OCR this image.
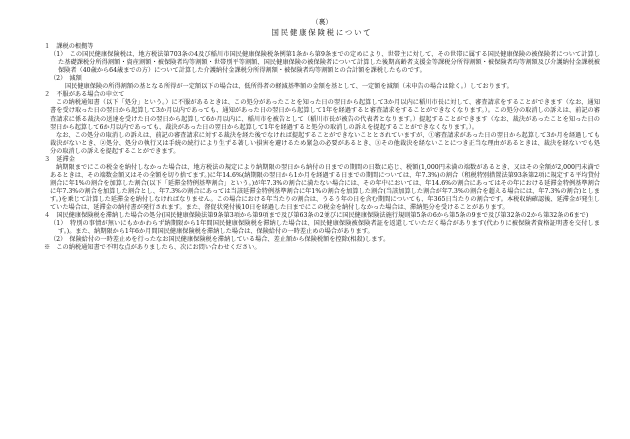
（裏）
国民健康保険税について

１　課税の根拠等

（1）　この国民健康保険税は、地方税法第703条の4及び稲川市国民健康保険税条例第1条から第9条までの定めにより、世帯主に対して、その世帯に属する国民健康保険の被保険者について計算した基礎課税分所得割額・資産割額・被保険者均等割額・世帯別平等割額、国民健康保険の被保険者について計算した後期高齢者支援金等課税分所得割額・被保険者均等割額及び介護納付金課税被保険者（40歳から64歳までの方）について計算した介護納付金課税分所得割額・被保険者均等割額との合計額を課税したものです。

（2）　減額

国民健康保険の所得割額の基となる所得が一定額以下の場合は、低所得者の軽減基準額の金額を基として、一定額を減額（未申告の場合は除く。）しております。

２　不服がある場合の申立て

この納税通知書（以下「処分」という。）に不服があるときは、この処分があったことを知った日の翌日から起算して3か月以内に稲川市長に対して、審査請求をすることができます（なお、通知書を受け取った日の翌日から起算して3か月以内であっても、通知があった日の翌日から起算して1年を経過すると審査請求をすることができなくなります。）。この処分の取消しの訴えは、前記の審査請求に係る裁決の送達を受けた日の翌日から起算して6か月以内に、稲川市を被告として（稲川市長が被告の代表者となります。）提起することができます（なお、裁決があったことを知った日の翌日から起算して6か月以内であっても、裁決があった日の翌日から起算して1年を経過すると処分の取消しの訴えを提起することができなくなります。）。

なお、この処分の取消しの訴えは、前記の審査請求に対する裁決を経た後でなければ提起することができないこととされていますが、①審査請求があった日の翌日から起算して3か月を経過しても裁決がないとき、②処分、処分の執行又は手続の続行により生ずる著しい損害を避けるため緊急の必要があるとき、③その他裁決を経ないことにつき正当な理由があるときは、裁決を経ないでも処分の取消しの訴えを提起することができます。

３　延滞金

納期限までにこの税金を納付しなかった場合は、地方税法の規定により納期限の翌日から納付の日までの期間の日数に応じ、税額(1,000円未満の端数があるとき、又はその全額が2,000円未満であるときは、その端数金額又はその全額を切り捨てます。)に年14.6%(納期限の翌日から1か月を経過する日までの期間については、年7.3%)の割合（租税特別措置法第93条第2項に規定する平均貸付割合に年1%の割合を加算した割合(以下「延滞金特例基準割合」という。)が年7.3%の割合に満たない場合には、その年中においては、年14.6%の割合にあってはその年における延滞金特例基準割合に年7.3%の割合を加算した割合とし、年7.3%の割合にあっては当該延滞金特例基準割合に年1%の割合を加算した割合(当該加算した割合が年7.3%の割合を超える場合には、年7.3%の割合)とします。)を乗じて計算した延滞金を納付しなければなりません。この場合における年当たりの割合は、うるう年の日を含む期間についても、年365日当たりの割合です。本税収納確認後、延滞金が発生していた場合は、延滞金の納付書が発行されます。また、督促状発付後10日を経過した日までにこの税金を納付しなかった場合は、滞納処分を受けることがあります。

４　国民健康保険税を滞納した場合の処分(国民健康保険法第9条第3項から第9項まで及び第63条の2並びに国民健康保険法施行規則第5条の6から第5条の9まで及び第32条の2から第32条の6まで)

（1）　特別の事情が無いにもかかわらず納期限から1年間国民健康保険税を滞納した場合は、国民健康保険被保険者証を返還していただく場合があります(代わりに被保険者資格証明書を交付します。)。また、納期限から1年6か月間国民健康保険税を滞納した場合は、保険給付の一時差止めの場合があります。

（2）　保険給付の一時差止めを行ったなお国民健康保険税を滞納している場合、差止額から保険税額を控除(相殺)します。

※　この納税通知書で不明な点がありましたら、次にお問い合わせください。
